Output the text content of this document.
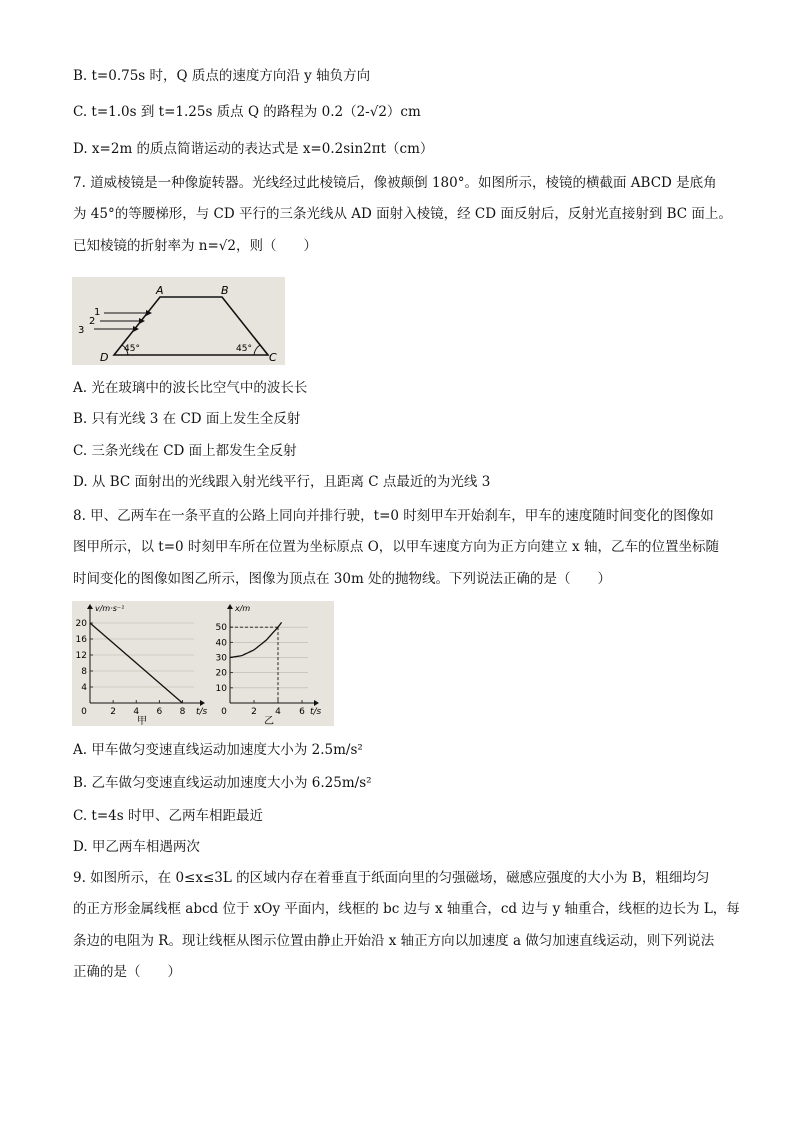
B. t=0.75s 时，Q 质点的速度方向沿 y 轴负方向
C. t=1.0s 到 t=1.25s 质点 Q 的路程为 0.2（2-√2）cm
D. x=2m 的质点简谐运动的表达式是 x=0.2sin2πt（cm）
7. 道威棱镜是一种像旋转器。光线经过此棱镜后，像被颠倒 180°。如图所示，棱镜的横截面 ABCD 是底角
为 45°的等腰梯形，与 CD 平行的三条光线从 AD 面射入棱镜，经 CD 面反射后，反射光直接射到 BC 面上。
已知棱镜的折射率为 n=√2，则（　　）
A	B
C
D
1
2
3
45°	45°
A. 光在玻璃中的波长比空气中的波长长
B. 只有光线 3 在 CD 面上发生全反射
C. 三条光线在 CD 面上都发生全反射
D. 从 BC 面射出的光线跟入射光线平行，且距离 C 点最近的为光线 3
8. 甲、乙两车在一条平直的公路上同向并排行驶，t=0 时刻甲车开始刹车，甲车的速度随时间变化的图像如
图甲所示，以 t=0 时刻甲车所在位置为坐标原点 O，以甲车速度方向为正方向建立 x 轴，乙车的位置坐标随
时间变化的图像如图乙所示，图像为顶点在 30m 处的抛物线。下列说法正确的是（　　）
4
8
12
16
20
0	2 4 6 8 t/s
v/m·s⁻¹
甲
10
20
30
40
50
0	2 4 6 t/s
x/m
乙
A. 甲车做匀变速直线运动加速度大小为 2.5m/s²
B. 乙车做匀变速直线运动加速度大小为 6.25m/s²
C. t=4s 时甲、乙两车相距最近
D. 甲乙两车相遇两次
9. 如图所示，在 0≤x≤3L 的区域内存在着垂直于纸面向里的匀强磁场，磁感应强度的大小为 B，粗细均匀
的正方形金属线框 abcd 位于 xOy 平面内，线框的 bc 边与 x 轴重合，cd 边与 y 轴重合，线框的边长为 L，每
条边的电阻为 R。现让线框从图示位置由静止开始沿 x 轴正方向以加速度 a 做匀加速直线运动，则下列说法
正确的是（　　）
